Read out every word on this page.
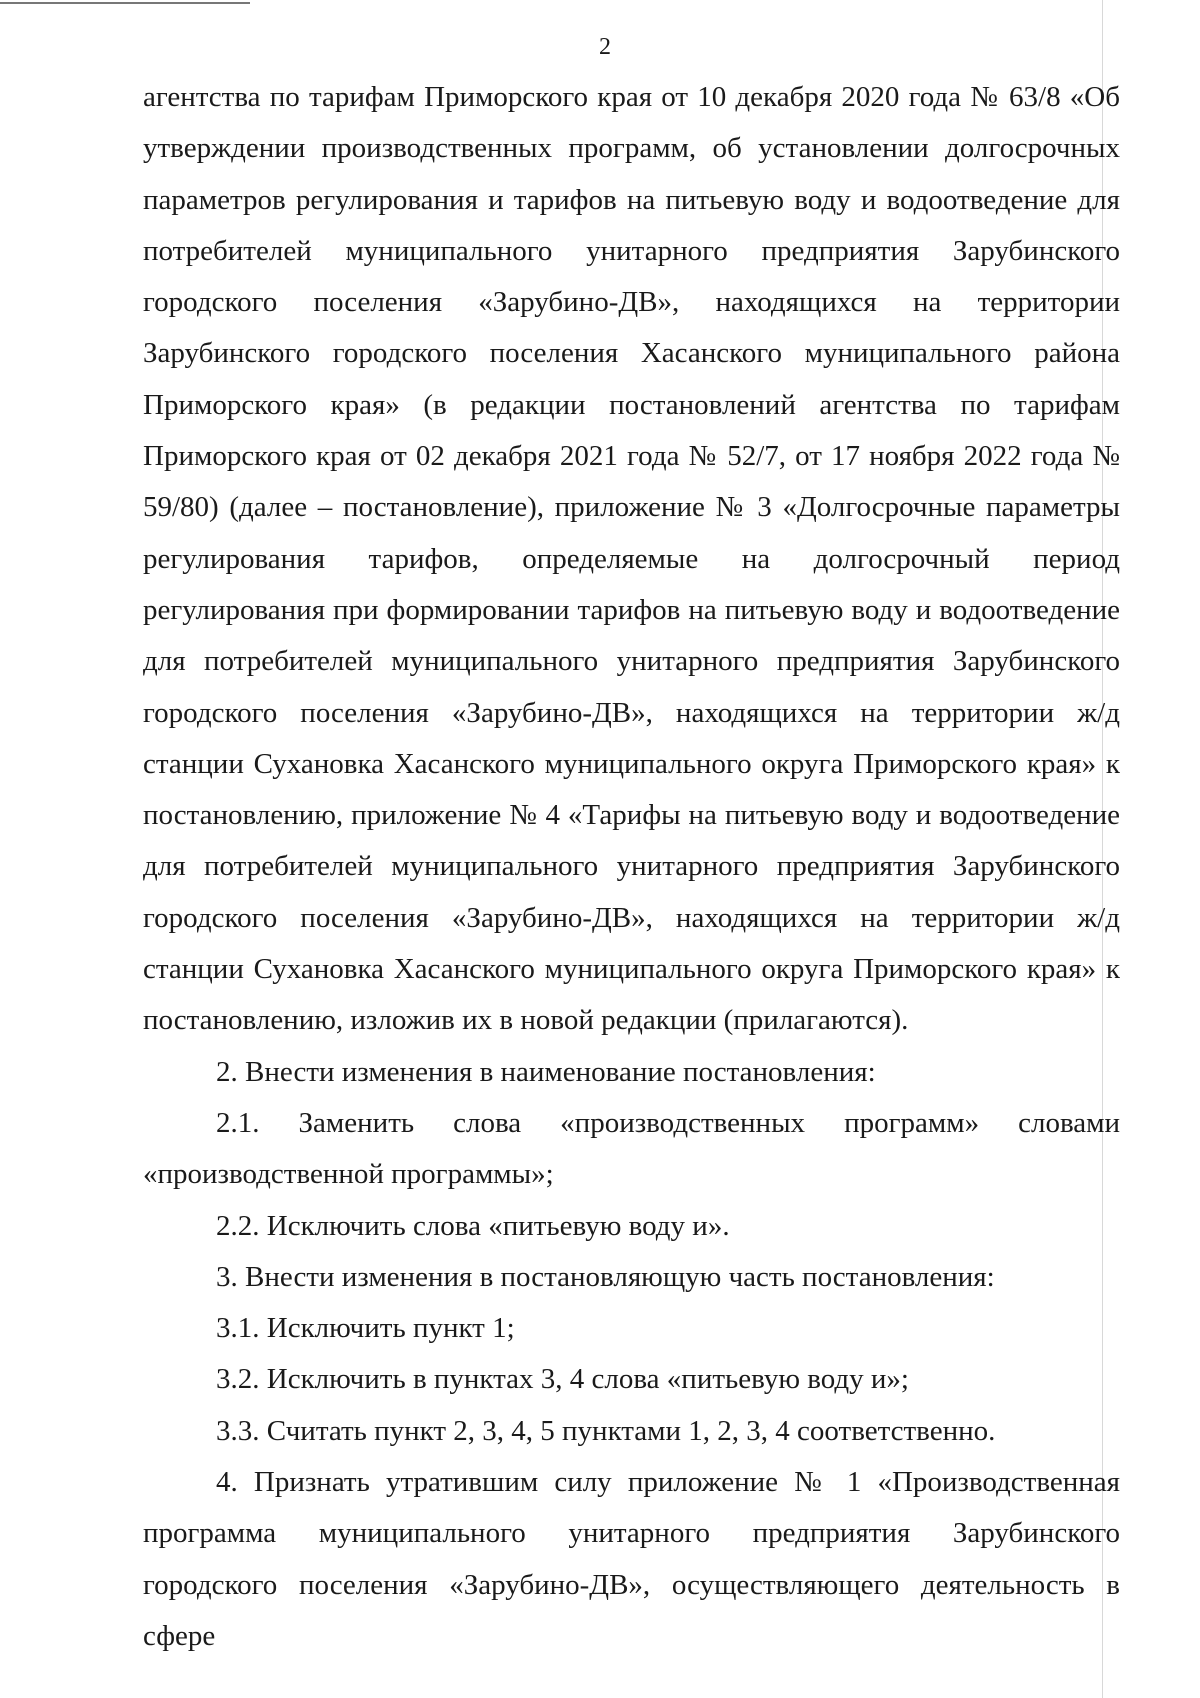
2

агентства по тарифам Приморского края от 10 декабря 2020 года № 63/8 «Об утверждении производственных программ, об установлении долгосрочных параметров регулирования и тарифов на питьевую воду и водоотведение для потребителей муниципального унитарного предприятия Зарубинского городского поселения «Зарубино-ДВ», находящихся на территории Зарубинского городского поселения Хасанского муниципального района Приморского края» (в редакции постановлений агентства по тарифам Приморского края от 02 декабря 2021 года № 52/7, от 17 ноября 2022 года № 59/80) (далее – постановление), приложение № 3 «Долгосрочные параметры регулирования тарифов, определяемые на долгосрочный период регулирования при формировании тарифов на питьевую воду и водоотведение для потребителей муниципального унитарного предприятия Зарубинского городского поселения «Зарубино-ДВ», находящихся на территории ж/д станции Сухановка Хасанского муниципального округа Приморского края» к постановлению, приложение № 4 «Тарифы на питьевую воду и водоотведение для потребителей муниципального унитарного предприятия Зарубинского городского поселения «Зарубино-ДВ», находящихся на территории ж/д станции Сухановка Хасанского муниципального округа Приморского края» к постановлению, изложив их в новой редакции (прилагаются).

2. Внести изменения в наименование постановления:

2.1. Заменить слова «производственных программ» словами «производственной программы»;

2.2. Исключить слова «питьевую воду и».

3. Внести изменения в постановляющую часть постановления:

3.1. Исключить пункт 1;

3.2. Исключить в пунктах 3, 4 слова «питьевую воду и»;

3.3. Считать пункт 2, 3, 4, 5 пунктами 1, 2, 3, 4 соответственно.

4. Признать утратившим силу приложение № 1 «Производственная программа муниципального унитарного предприятия Зарубинского городского поселения «Зарубино-ДВ», осуществляющего деятельность в сфере
